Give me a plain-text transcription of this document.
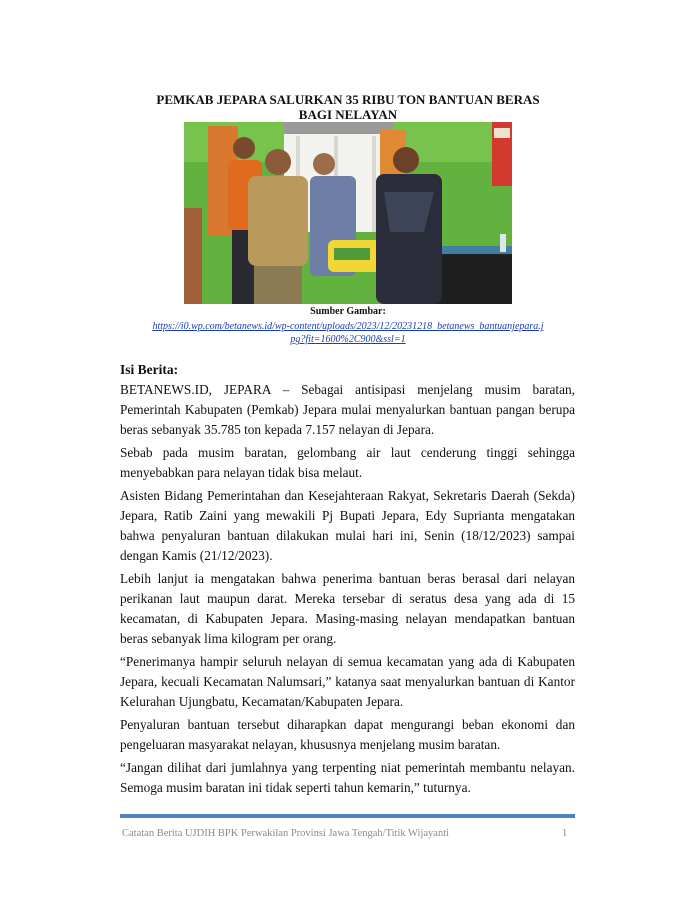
PEMKAB JEPARA SALURKAN 35 RIBU TON BANTUAN BERAS
BAGI NELAYAN
Sumber Gambar:
https://i0.wp.com/betanews.id/wp-content/uploads/2023/12/20231218_betanews_bantuanjepara.jpg?fit=1600%2C900&ssl=1
Isi Berita:

BETANEWS.ID, JEPARA – Sebagai antisipasi menjelang musim baratan, Pemerintah Kabupaten (Pemkab) Jepara mulai menyalurkan bantuan pangan berupa beras sebanyak 35.785 ton kepada 7.157 nelayan di Jepara.

Sebab pada musim baratan, gelombang air laut cenderung tinggi sehingga menyebabkan para nelayan tidak bisa melaut.

Asisten Bidang Pemerintahan dan Kesejahteraan Rakyat, Sekretaris Daerah (Sekda) Jepara, Ratib Zaini yang mewakili Pj Bupati Jepara, Edy Suprianta mengatakan bahwa penyaluran bantuan dilakukan mulai hari ini, Senin (18/12/2023) sampai dengan Kamis (21/12/2023).

Lebih lanjut ia mengatakan bahwa penerima bantuan beras berasal dari nelayan perikanan laut maupun darat. Mereka tersebar di seratus desa yang ada di 15 kecamatan, di Kabupaten Jepara. Masing-masing nelayan mendapatkan bantuan beras sebanyak lima kilogram per orang.

“Penerimanya hampir seluruh nelayan di semua kecamatan yang ada di Kabupaten Jepara, kecuali Kecamatan Nalumsari,” katanya saat menyalurkan bantuan di Kantor Kelurahan Ujungbatu, Kecamatan/Kabupaten Jepara.

Penyaluran bantuan tersebut diharapkan dapat mengurangi beban ekonomi dan pengeluaran masyarakat nelayan, khususnya menjelang musim baratan.

“Jangan dilihat dari jumlahnya yang terpenting niat pemerintah membantu nelayan. Semoga musim baratan ini tidak seperti tahun kemarin,” tuturnya.

Catatan Berita UJDIH BPK Perwakilan Provinsi Jawa Tengah/Titik Wijayanti	1
